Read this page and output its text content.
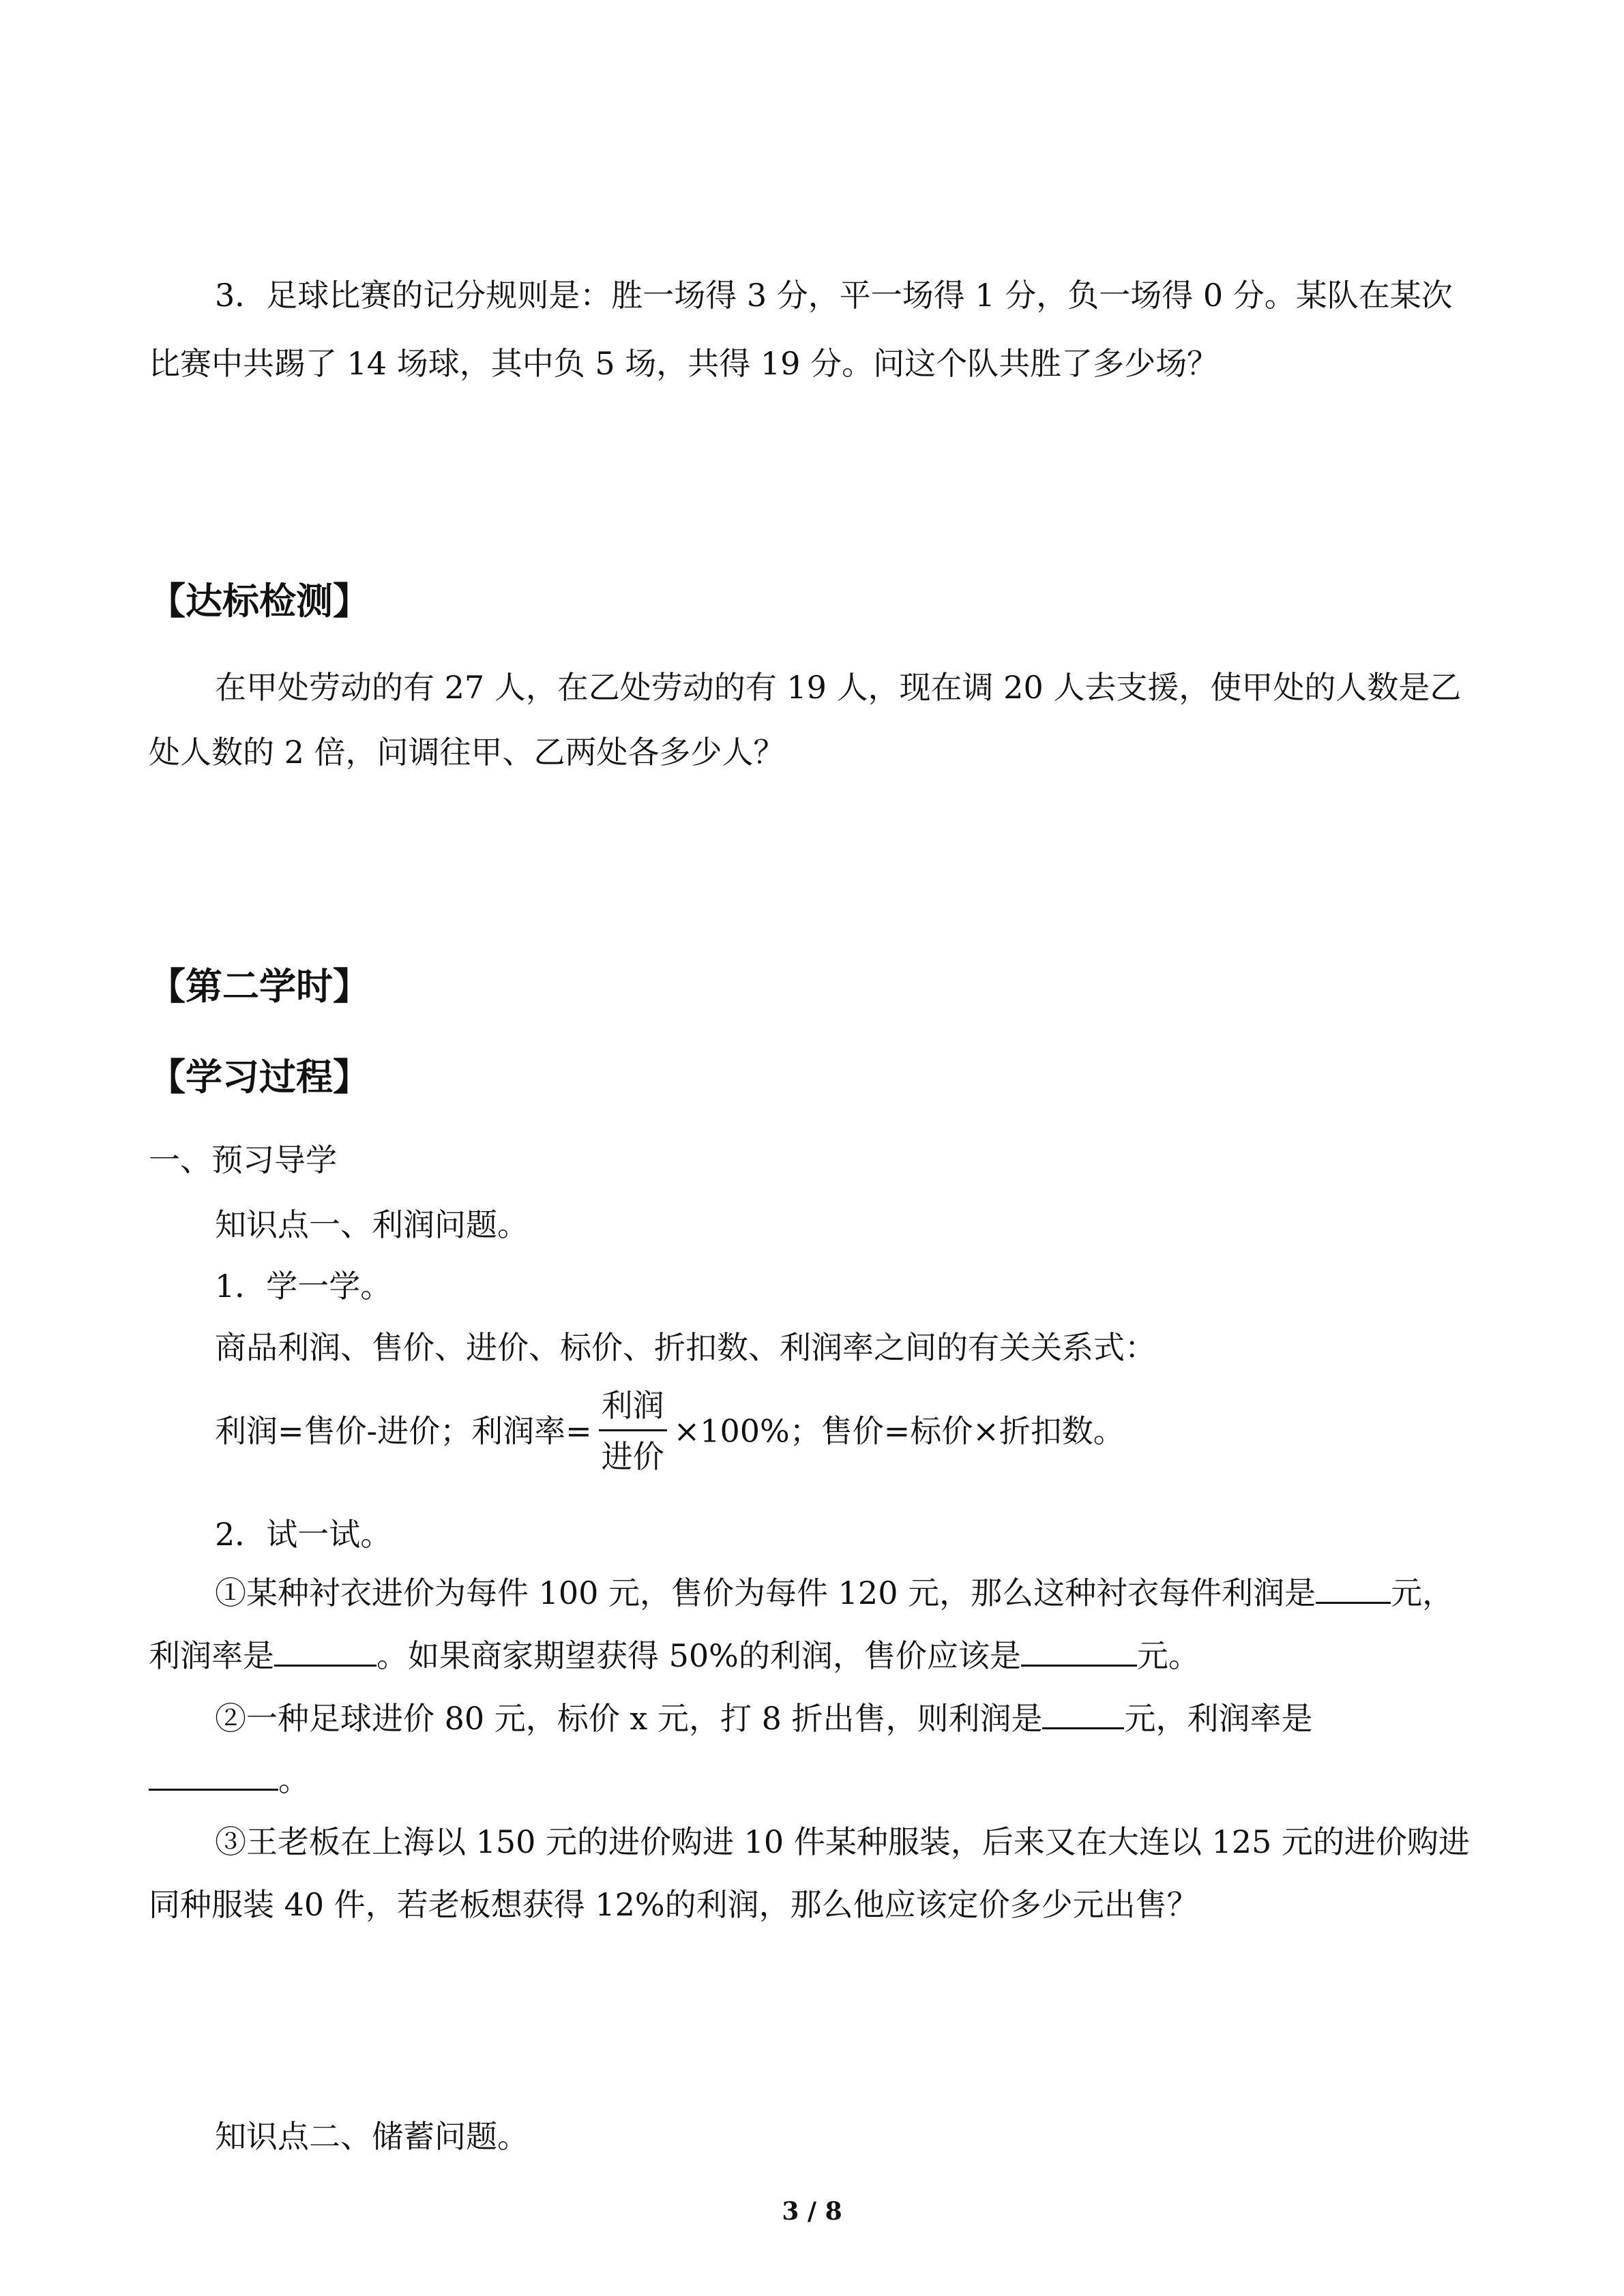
3．足球比赛的记分规则是：胜一场得 3 分，平一场得 1 分，负一场得 0 分。某队在某次
比赛中共踢了 14 场球，其中负 5 场，共得 19 分。问这个队共胜了多少场？
【达标检测】
在甲处劳动的有 27 人，在乙处劳动的有 19 人，现在调 20 人去支援，使甲处的人数是乙
处人数的 2 倍，问调往甲、乙两处各多少人？
【第二学时】
【学习过程】
一、预习导学
知识点一、利润问题。
1．学一学。
商品利润、售价、进价、标价、折扣数、利润率之间的有关关系式：
利润=售价-进价；利润率= $\frac{\text{利润}}{\text{进价}} \times 100\%$；售价=标价×折扣数。
2．试一试。
①某种衬衣进价为每件 100 元，售价为每件 120 元，那么这种衬衣每件利润是 元，
利润率是	。如果商家期望获得 50%的利润，售价应该是	元。
②一种足球进价 80 元，标价 x 元，打 8 折出售，则利润是	元，利润率是
。
③王老板在上海以 150 元的进价购进 10 件某种服装，后来又在大连以 125 元的进价购进
同种服装 40 件，若老板想获得 12%的利润，那么他应该定价多少元出售？
知识点二、储蓄问题。
3 / 8
